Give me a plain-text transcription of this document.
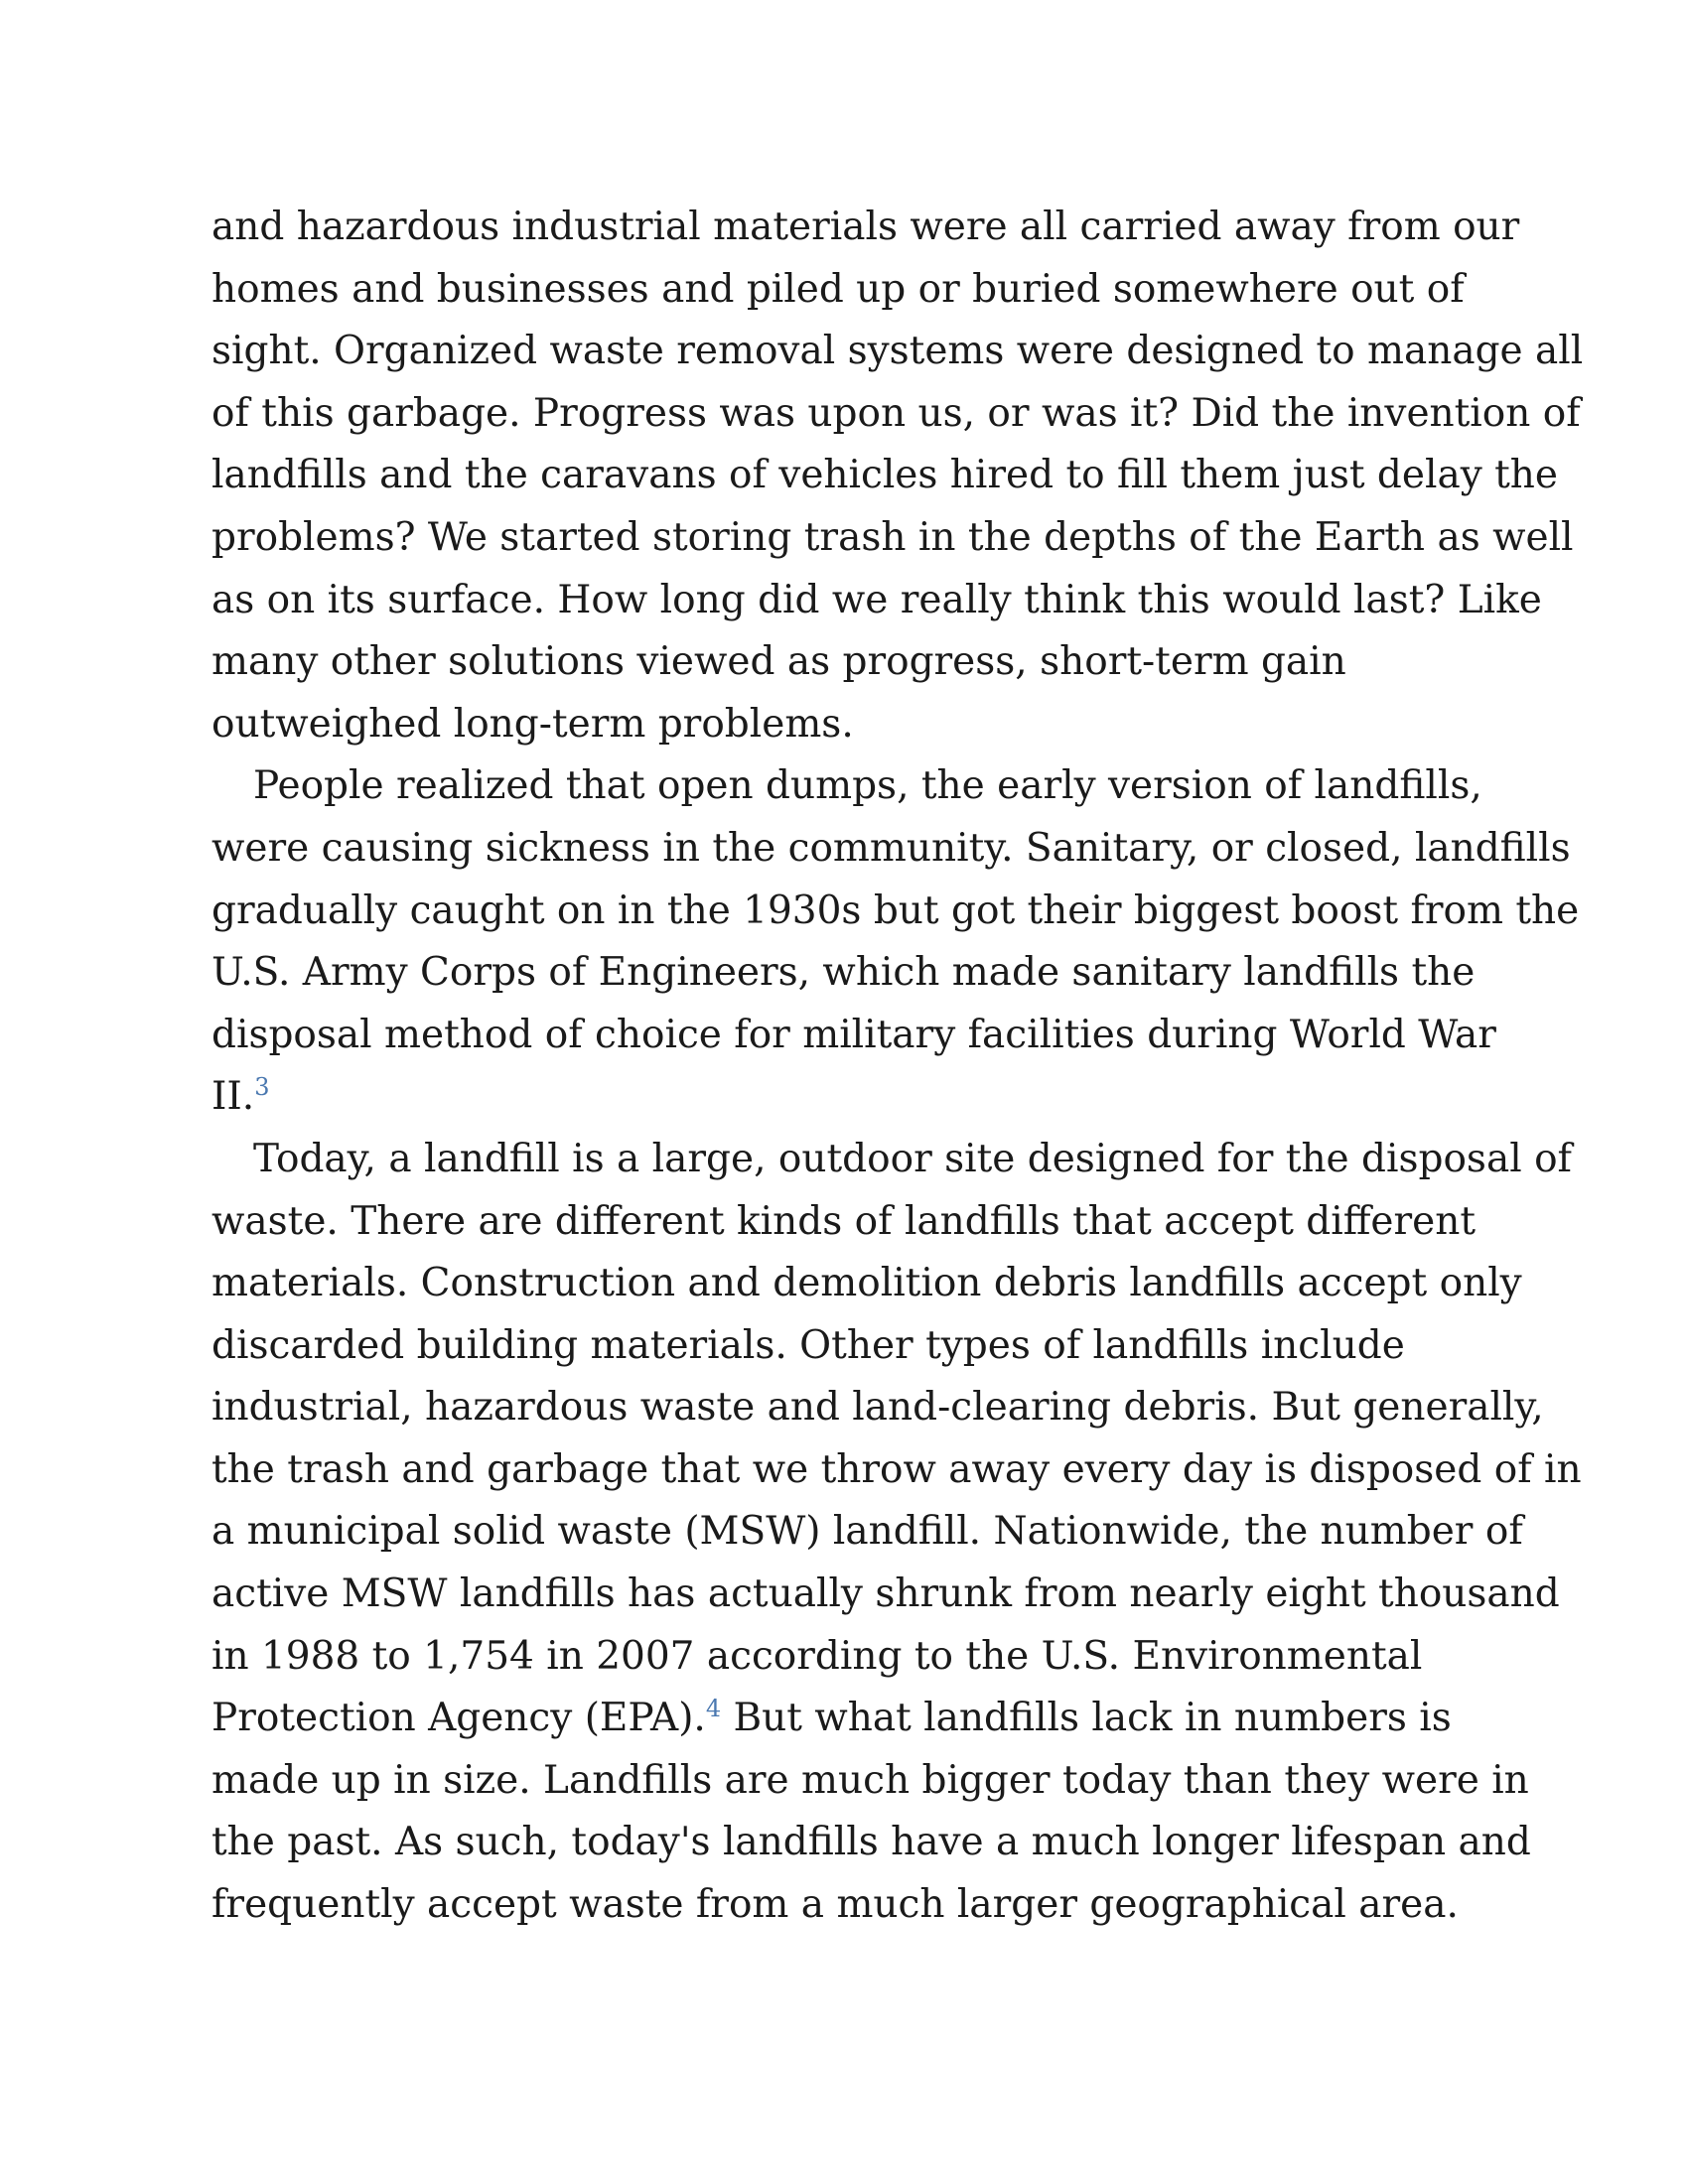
and hazardous industrial materials were all carried away from our
homes and businesses and piled up or buried somewhere out of
sight. Organized waste removal systems were designed to manage all
of this garbage. Progress was upon us, or was it? Did the invention of
landfills and the caravans of vehicles hired to fill them just delay the
problems? We started storing trash in the depths of the Earth as well
as on its surface. How long did we really think this would last? Like
many other solutions viewed as progress, short-term gain
outweighed long-term problems.

People realized that open dumps, the early version of landfills,
were causing sickness in the community. Sanitary, or closed, landfills
gradually caught on in the 1930s but got their biggest boost from the
U.S. Army Corps of Engineers, which made sanitary landfills the
disposal method of choice for military facilities during World War
II.$^3$

Today, a landfill is a large, outdoor site designed for the disposal of
waste. There are different kinds of landfills that accept different
materials. Construction and demolition debris landfills accept only
discarded building materials. Other types of landfills include
industrial, hazardous waste and land-clearing debris. But generally,
the trash and garbage that we throw away every day is disposed of in
a municipal solid waste (MSW) landfill. Nationwide, the number of
active MSW landfills has actually shrunk from nearly eight thousand
in 1988 to 1,754 in 2007 according to the U.S. Environmental
Protection Agency (EPA).$^4$ But what landfills lack in numbers is
made up in size. Landfills are much bigger today than they were in
the past. As such, today's landfills have a much longer lifespan and
frequently accept waste from a much larger geographical area.
